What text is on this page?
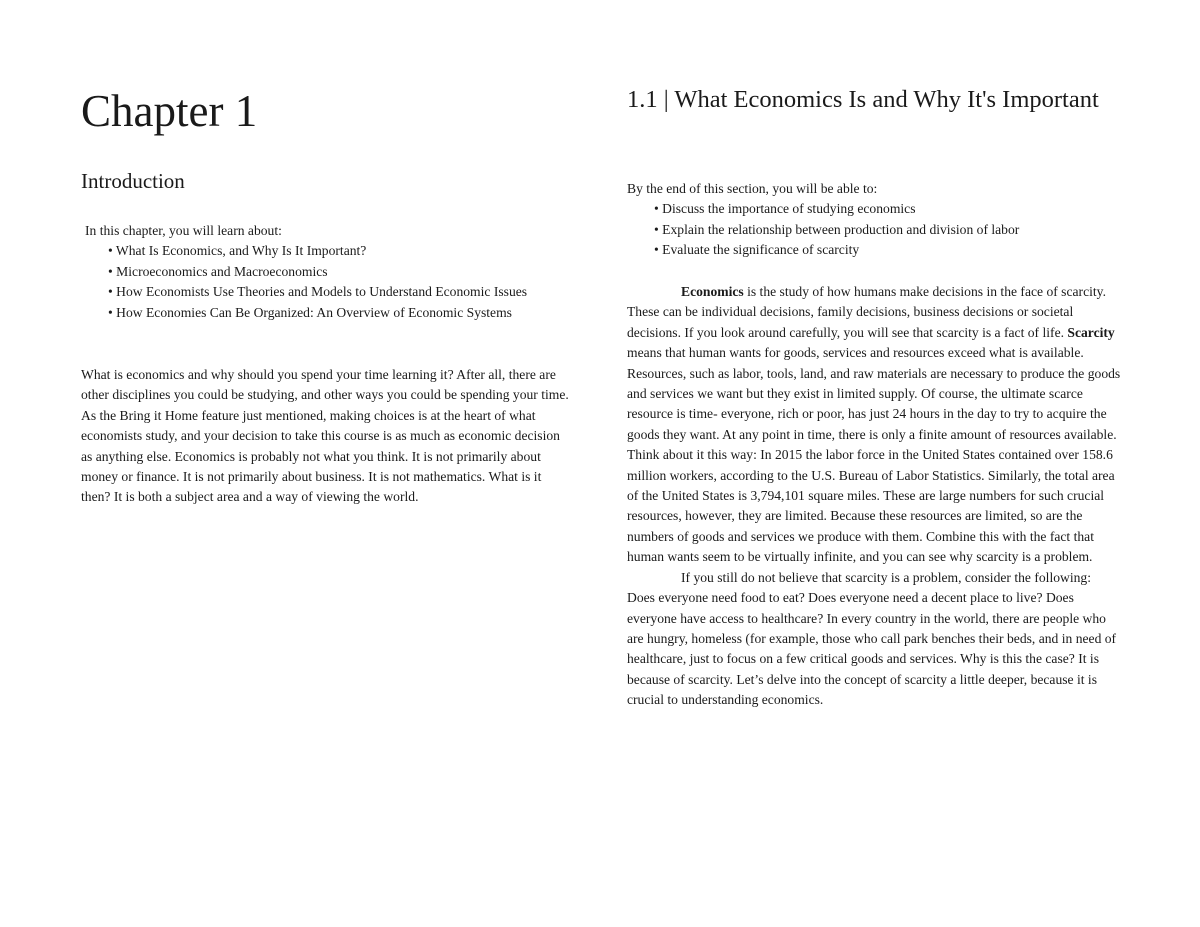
Chapter 1
Introduction

In this chapter, you will learn about:

• What Is Economics, and Why Is It Important?
• Microeconomics and Macroeconomics
• How Economists Use Theories and Models to Understand Economic Issues
• How Economies Can Be Organized: An Overview of Economic Systems

What is economics and why should you spend your time learning it? After all, there are other disciplines you could be studying, and other ways you could be spending your time. As the Bring it Home feature just mentioned, making choices is at the heart of what economists study, and your decision to take this course is as much as economic decision as anything else. Economics is probably not what you think. It is not primarily about money or finance. It is not primarily about business. It is not mathematics. What is it then? It is both a subject area and a way of viewing the world.

1.1 | What Economics Is and Why It's Important

By the end of this section, you will be able to:

• Discuss the importance of studying economics
• Explain the relationship between production and division of labor
• Evaluate the significance of scarcity

Economics is the study of how humans make decisions in the face of scarcity. These can be individual decisions, family decisions, business decisions or societal decisions. If you look around carefully, you will see that scarcity is a fact of life. Scarcity means that human wants for goods, services and resources exceed what is available. Resources, such as labor, tools, land, and raw materials are necessary to produce the goods and services we want but they exist in limited supply. Of course, the ultimate scarce resource is time- everyone, rich or poor, has just 24 hours in the day to try to acquire the goods they want. At any point in time, there is only a finite amount of resources available. Think about it this way: In 2015 the labor force in the United States contained over 158.6 million workers, according to the U.S. Bureau of Labor Statistics. Similarly, the total area of the United States is 3,794,101 square miles. These are large numbers for such crucial resources, however, they are limited. Because these resources are limited, so are the numbers of goods and services we produce with them. Combine this with the fact that human wants seem to be virtually infinite, and you can see why scarcity is a problem.

If you still do not believe that scarcity is a problem, consider the following: Does everyone need food to eat? Does everyone need a decent place to live? Does everyone have access to healthcare? In every country in the world, there are people who are hungry, homeless (for example, those who call park benches their beds, and in need of healthcare, just to focus on a few critical goods and services. Why is this the case? It is because of scarcity. Let’s delve into the concept of scarcity a little deeper, because it is crucial to understanding economics.
